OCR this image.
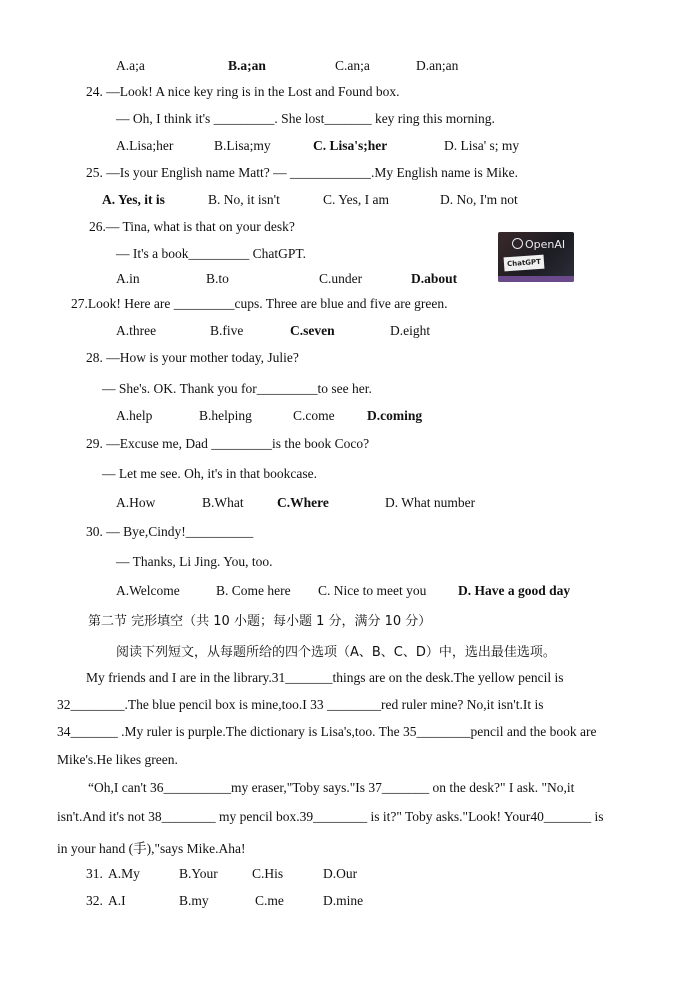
A.a;a	B.a;an	C.an;a	D.an;an
24. —Look! A nice key ring is in the Lost and Found box.
— Oh, I think it's _________. She lost_______ key ring this morning.
A.Lisa;her	B.Lisa;my	C. Lisa's;her	D. Lisa' s; my
25. —Is your English name Matt? — ____________.My English name is Mike.
A. Yes, it is	B. No, it isn't	C. Yes, I am	D. No, I'm not
26.— Tina, what is that on your desk?
— It's a book_________ ChatGPT.
A.in	B.to	C.under	D.about
OpenAI
ChatGPT
27.Look! Here are _________cups. Three are blue and five are green.
A.three	B.five	C.seven	D.eight
28. —How is your mother today, Julie?
— She's. OK. Thank you for_________to see her.
A.help	B.helping	C.come D.coming
29. —Excuse me, Dad _________is the book Coco?
— Let me see. Oh, it's in that bookcase.
A.How	B.What C.Where	D. What number
30. — Bye,Cindy!__________
— Thanks, Li Jing. You, too.
A.Welcome	B. Come here C. Nice to meet you D. Have a good day
第二节 完形填空（共 10 小题；每小题 1 分，满分 10 分）
阅读下列短文，从每题所给的四个选项（A、B、C、D）中，选出最佳选项。
My friends and I are in the library.31_______things are on the desk.The yellow pencil is
32________.The blue pencil box is mine,too.I 33 ________red ruler mine? No,it isn't.It is
34_______ .My ruler is purple.The dictionary is Lisa's,too. The 35________pencil and the book are
Mike's.He likes green.
“Oh,I can't 36__________my eraser,"Toby says."Is 37_______ on the desk?" I ask. "No,it
isn't.And it's not 38________ my pencil box.39________ is it?" Toby asks."Look! Your40_______ is
in your hand (手),"says Mike.Aha!
31. A.My	B.Your	C.His	D.Our
32. A.I	B.my	C.me	D.mine
